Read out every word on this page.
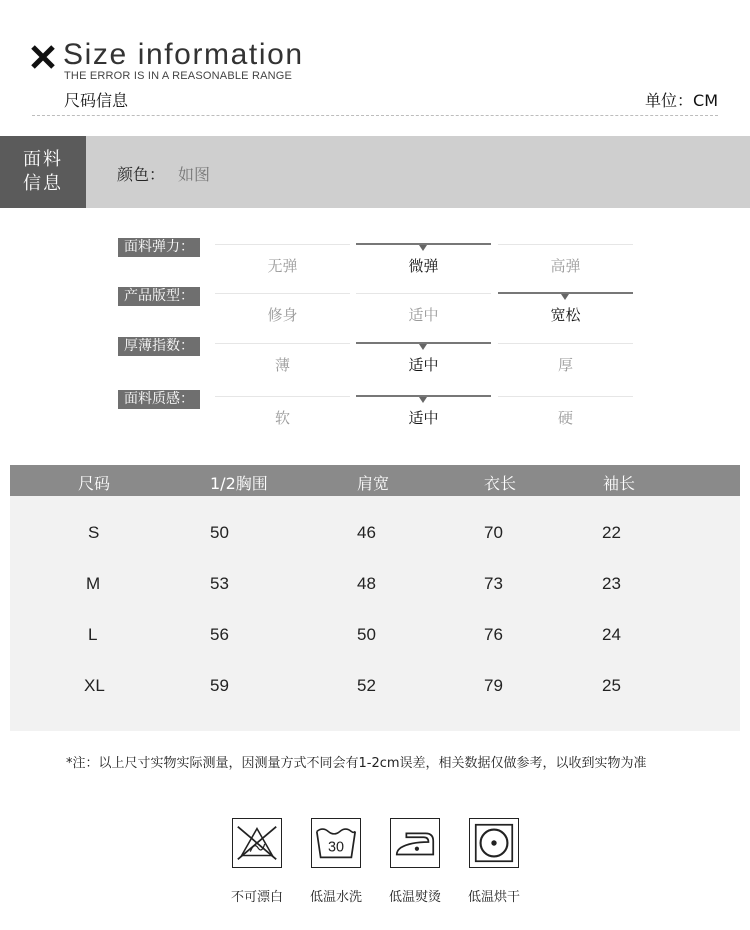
Size information
THE ERROR IS IN A REASONABLE RANGE
尺码信息	单位：CM
面料
信息	颜色： 如图
面料弹力：
无弹	微弹	高弹
产品版型：
修身	适中	宽松
厚薄指数：
薄	适中	厚
面料质感：
软	适中	硬
尺码	1/2胸围	肩宽	衣长	袖长
S	50	46	70	22
M	53	48	73	23
L	56	50	76	24
XL	59	52	79	25
*注：以上尺寸实物实际测量，因测量方式不同会有1-2cm误差，相关数据仅做参考，以收到实物为准
不可漂白
30
低温水洗	低温熨烫	低温烘干
